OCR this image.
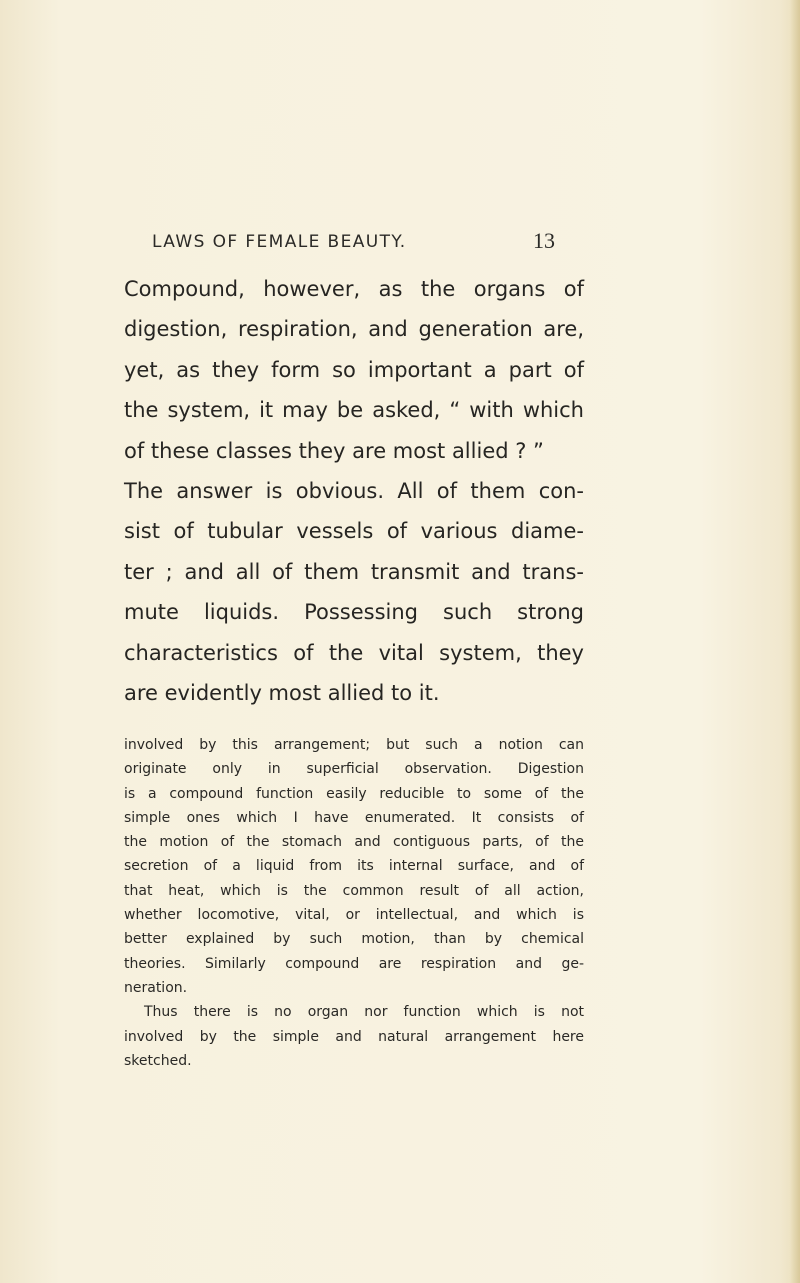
LAWS OF FEMALE BEAUTY.	13
Compound, however, as the organs of
digestion, respiration, and generation are,
yet, as they form so important a part of
the system, it may be asked, “ with which
of these classes they are most allied ? ”
The answer is obvious. All of them con-
sist of tubular vessels of various diame-
ter ; and all of them transmit and trans-
mute liquids. Possessing such strong
characteristics of the vital system, they
are evidently most allied to it.
involved by this arrangement; but such a notion can
originate only in superficial observation. Digestion
is a compound function easily reducible to some of the
simple ones which I have enumerated. It consists of
the motion of the stomach and contiguous parts, of the
secretion of a liquid from its internal surface, and of
that heat, which is the common result of all action,
whether locomotive, vital, or intellectual, and which is
better explained by such motion, than by chemical
theories. Similarly compound are respiration and ge-
neration.
Thus there is no organ nor function which is not
involved by the simple and natural arrangement here
sketched.
